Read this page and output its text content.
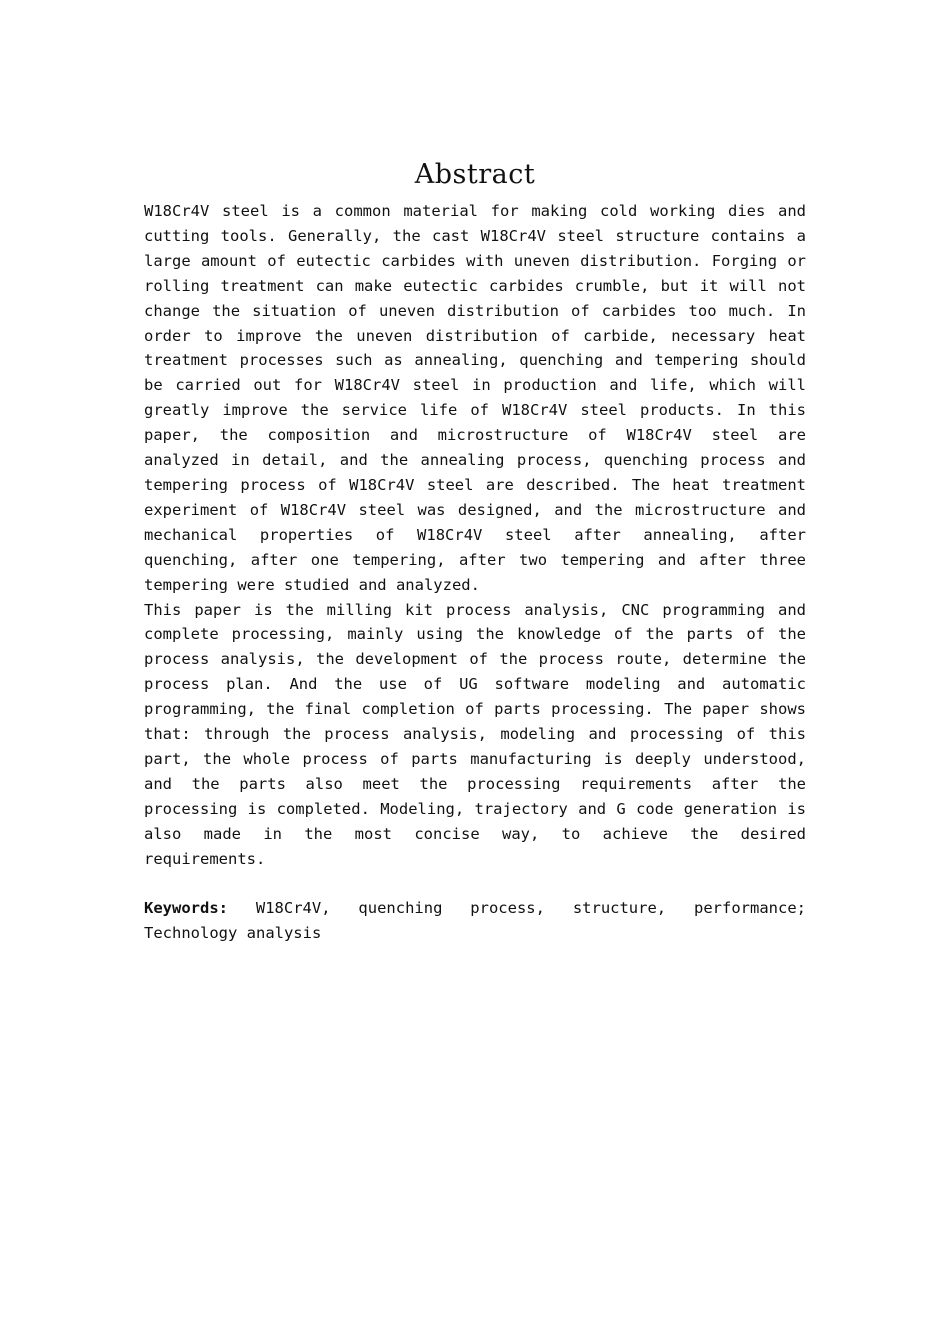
Abstract

W18Cr4V steel is a common material for making cold working dies and cutting tools. Generally, the cast W18Cr4V steel structure contains a large amount of eutectic carbides with uneven distribution. Forging or rolling treatment can make eutectic carbides crumble, but it will not change the situation of uneven distribution of carbides too much. In order to improve the uneven distribution of carbide, necessary heat treatment processes such as annealing, quenching and tempering should be carried out for W18Cr4V steel in production and life, which will greatly improve the service life of W18Cr4V steel products. In this paper, the composition and microstructure of W18Cr4V steel are analyzed in detail, and the annealing process, quenching process and tempering process of W18Cr4V steel are described. The heat treatment experiment of W18Cr4V steel was designed, and the microstructure and mechanical properties of W18Cr4V steel after annealing, after quenching, after one tempering, after two tempering and after three tempering were studied and analyzed.

This paper is the milling kit process analysis, CNC programming and complete processing, mainly using the knowledge of the parts of the process analysis, the development of the process route, determine the process plan. And the use of UG software modeling and automatic programming, the final completion of parts processing. The paper shows that: through the process analysis, modeling and processing of this part, the whole process of parts manufacturing is deeply understood, and the parts also meet the processing requirements after the processing is completed. Modeling, trajectory and G code generation is also made in the most concise way, to achieve the desired requirements.

Keywords: W18Cr4V, quenching process, structure, performance; Technology analysis
